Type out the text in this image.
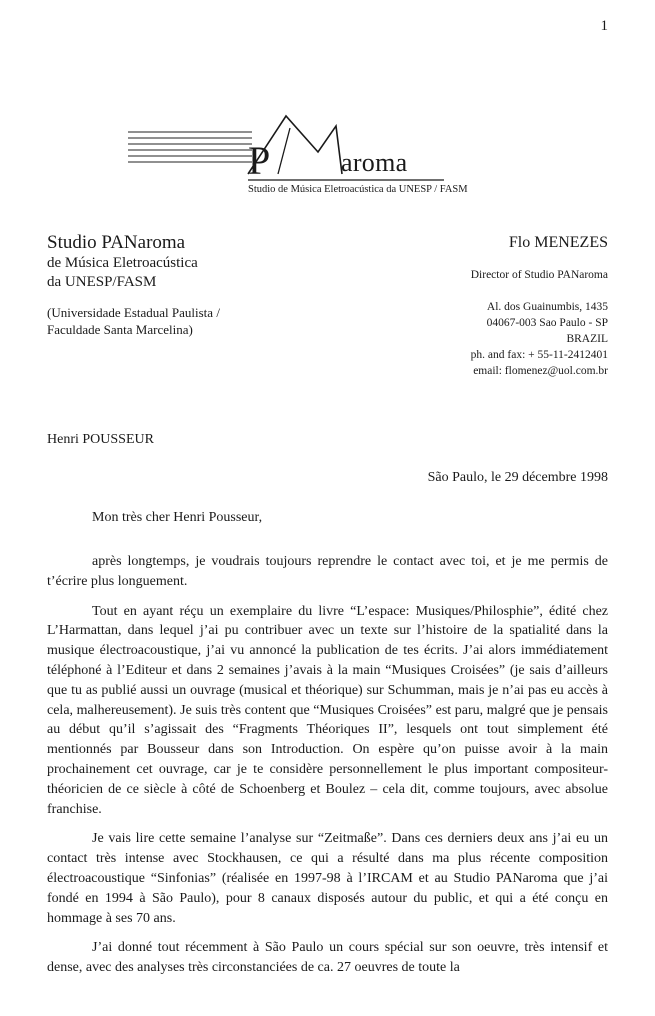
1
P	aroma
Studio de Música Eletroacústica da UNESP / FASM
Studio PANaroma
de Música Eletroacústica
da UNESP/FASM
(Universidade Estadual Paulista /
Faculdade Santa Marcelina)
Flo MENEZES
Director of Studio PANaroma
Al. dos Guainumbis, 1435
04067-003 Sao Paulo - SP
BRAZIL
ph. and fax: + 55-11-2412401
email: flomenez@uol.com.br
Henri POUSSEUR
São Paulo, le 29 décembre 1998
Mon très cher Henri Pousseur,

après longtemps, je voudrais toujours reprendre le contact avec toi, et je me permis de t’écrire plus longuement.

Tout en ayant réçu un exemplaire du livre “L’espace: Musiques/Philosphie”, édité chez L’Harmattan, dans lequel j’ai pu contribuer avec un texte sur l’histoire de la spatialité dans la musique électroacoustique, j’ai vu annoncé la publication de tes écrits. J’ai alors immédiatement téléphoné à l’Editeur et dans 2 semaines j’avais à la main “Musiques Croisées” (je sais d’ailleurs que tu as publié aussi un ouvrage (musical et théorique) sur Schumman, mais je n’ai pas eu accès à cela, malhereusement). Je suis très content que “Musiques Croisées” est paru, malgré que je pensais au début qu’il s’agissait des “Fragments Théoriques II”, lesquels ont tout simplement été mentionnés par Bousseur dans son Introduction. On espère qu’on puisse avoir à la main prochainement cet ouvrage, car je te considère personnellement le plus important compositeur-théoricien de ce siècle à côté de Schoenberg et Boulez – cela dit, comme toujours, avec absolue franchise.

Je vais lire cette semaine l’analyse sur “Zeitmaße”. Dans ces derniers deux ans j’ai eu un contact très intense avec Stockhausen, ce qui a résulté dans ma plus récente composition électroacoustique “Sinfonias” (réalisée en 1997-98 à l’IRCAM et au Studio PANaroma que j’ai fondé en 1994 à São Paulo), pour 8 canaux disposés autour du public, et qui a été conçu en hommage à ses 70 ans.

J’ai donné tout récemment à São Paulo un cours spécial sur son oeuvre, très intensif et dense, avec des analyses très circonstanciées de ca. 27 oeuvres de toute la
